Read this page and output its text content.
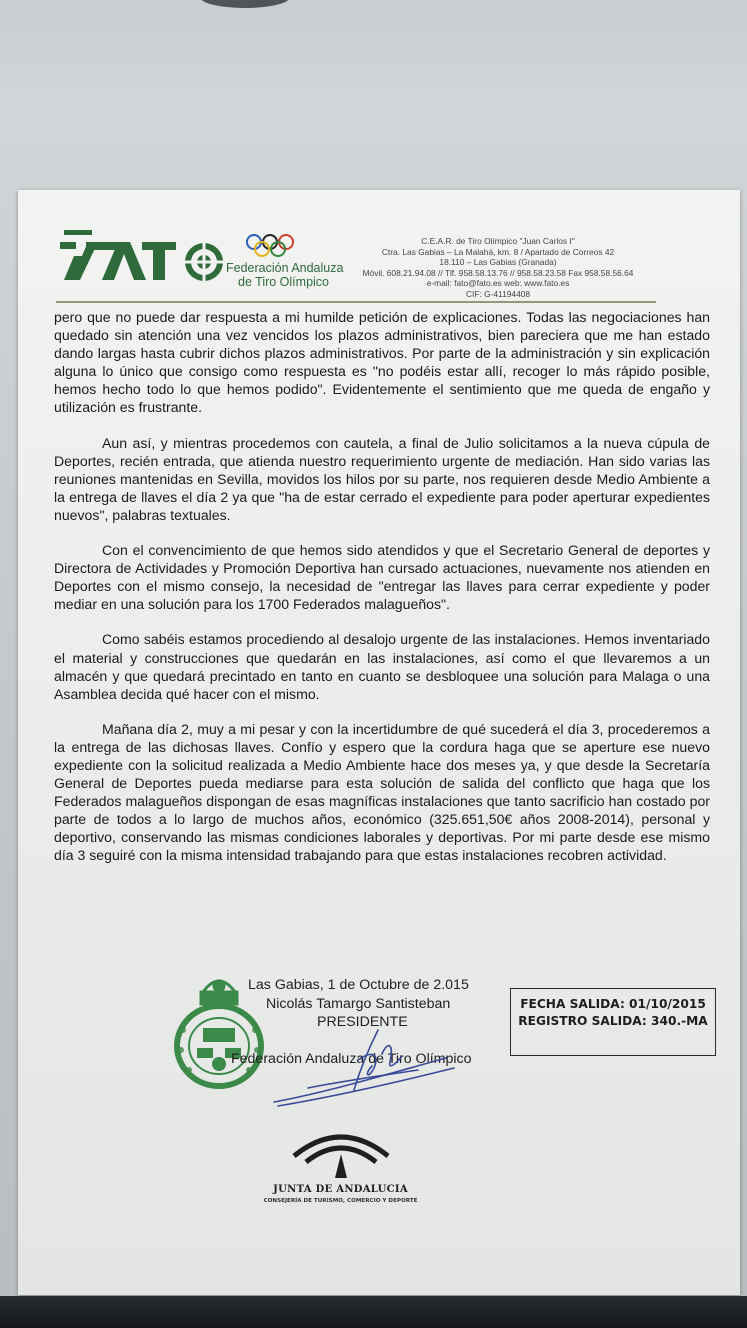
Federación Andaluza
de Tiro Olímpico
C.E.A.R. de Tiro Olímpico "Juan Carlos I"
Ctra. Las Gabias – La Malahá, km. 8 / Apartado de Correos 42
18.110 – Las Gabias (Granada)
Móvil. 608.21.94.08 // Tlf. 958.58.13.76 // 958.58.23.58 Fax 958.58.56.64
e-mail: fato@fato.es web: www.fato.es
CIF: G-41194408

pero que no puede dar respuesta a mi humilde petición de explicaciones. Todas las negociaciones han quedado sin atención una vez vencidos los plazos administrativos, bien pareciera que me han estado dando largas hasta cubrir dichos plazos administrativos. Por parte de la administración y sin explicación alguna lo único que consigo como respuesta es "no podéis estar allí, recoger lo más rápido posible, hemos hecho todo lo que hemos podido". Evidentemente el sentimiento que me queda de engaño y utilización es frustrante.

Aun así, y mientras procedemos con cautela, a final de Julio solicitamos a la nueva cúpula de Deportes, recién entrada, que atienda nuestro requerimiento urgente de mediación. Han sido varias las reuniones mantenidas en Sevilla, movidos los hilos por su parte, nos requieren desde Medio Ambiente a la entrega de llaves el día 2 ya que "ha de estar cerrado el expediente para poder aperturar expedientes nuevos", palabras textuales.

Con el convencimiento de que hemos sido atendidos y que el Secretario General de deportes y Directora de Actividades y Promoción Deportiva han cursado actuaciones, nuevamente nos atienden en Deportes con el mismo consejo, la necesidad de "entregar las llaves para cerrar expediente y poder mediar en una solución para los 1700 Federados malagueños".

Como sabéis estamos procediendo al desalojo urgente de las instalaciones. Hemos inventariado el material y construcciones que quedarán en las instalaciones, así como el que llevaremos a un almacén y que quedará precintado en tanto en cuanto se desbloquee una solución para Malaga o una Asamblea decida qué hacer con el mismo.

Mañana día 2, muy a mi pesar y con la incertidumbre de qué sucederá el día 3, procederemos a la entrega de las dichosas llaves. Confío y espero que la cordura haga que se aperture ese nuevo expediente con la solicitud realizada a Medio Ambiente hace dos meses ya, y que desde la Secretaría General de Deportes pueda mediarse para esta solución de salida del conflicto que haga que los Federados malagueños dispongan de esas magníficas instalaciones que tanto sacrificio han costado por parte de todos a lo largo de muchos años, económico (325.651,50€ años 2008-2014), personal y deportivo, conservando las mismas condiciones laborales y deportivas. Por mi parte desde ese mismo día 3 seguiré con la misma intensidad trabajando para que estas instalaciones recobren actividad.

Las Gabias, 1 de Octubre de 2.015
Nicolás Tamargo Santisteban
PRESIDENTE
Federación Andaluza de Tiro Olímpico
FECHA SALIDA: 01/10/2015
REGISTRO SALIDA: 340.-MA
JUNTA DE ANDALUCIA
CONSEJERÍA DE TURISMO, COMERCIO Y DEPORTE
